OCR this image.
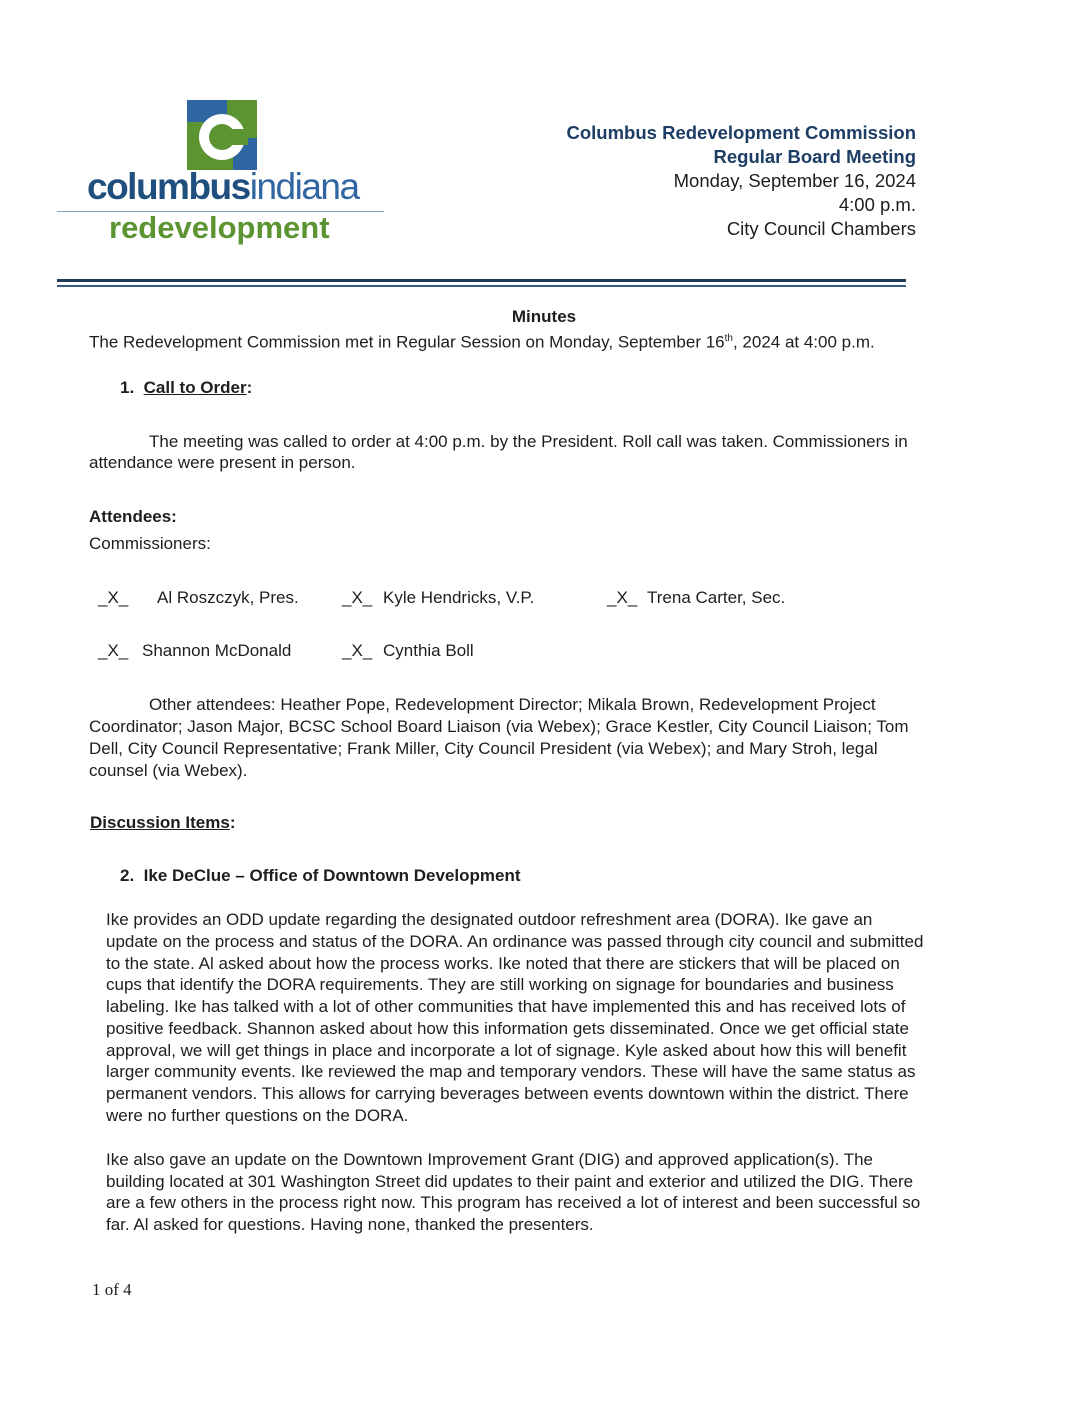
columbusindiana
redevelopment
Columbus Redevelopment Commission
Regular Board Meeting
Monday, September 16, 2024
4:00 p.m.
City Council Chambers
Minutes
The Redevelopment Commission met in Regular Session on Monday, September 16th, 2024 at 4:00 p.m.
1. Call to Order:
The meeting was called to order at 4:00 p.m. by the President. Roll call was taken. Commissioners in
attendance were present in person.
Attendees:
Commissioners:
_X_ Al Roszczyk, Pres.	_X_ Kyle Hendricks, V.P.	_X_ Trena Carter, Sec.
_X_ Shannon McDonald	_X_ Cynthia Boll
Other attendees: Heather Pope, Redevelopment Director; Mikala Brown, Redevelopment Project
Coordinator; Jason Major, BCSC School Board Liaison (via Webex); Grace Kestler, City Council Liaison; Tom
Dell, City Council Representative; Frank Miller, City Council President (via Webex); and Mary Stroh, legal
counsel (via Webex).
Discussion Items:
2. Ike DeClue – Office of Downtown Development
Ike provides an ODD update regarding the designated outdoor refreshment area (DORA). Ike gave an
update on the process and status of the DORA. An ordinance was passed through city council and submitted
to the state. Al asked about how the process works. Ike noted that there are stickers that will be placed on
cups that identify the DORA requirements. They are still working on signage for boundaries and business
labeling. Ike has talked with a lot of other communities that have implemented this and has received lots of
positive feedback. Shannon asked about how this information gets disseminated. Once we get official state
approval, we will get things in place and incorporate a lot of signage. Kyle asked about how this will benefit
larger community events. Ike reviewed the map and temporary vendors. These will have the same status as
permanent vendors. This allows for carrying beverages between events downtown within the district. There
were no further questions on the DORA.
Ike also gave an update on the Downtown Improvement Grant (DIG) and approved application(s). The
building located at 301 Washington Street did updates to their paint and exterior and utilized the DIG. There
are a few others in the process right now. This program has received a lot of interest and been successful so
far. Al asked for questions. Having none, thanked the presenters.
1 of 4
